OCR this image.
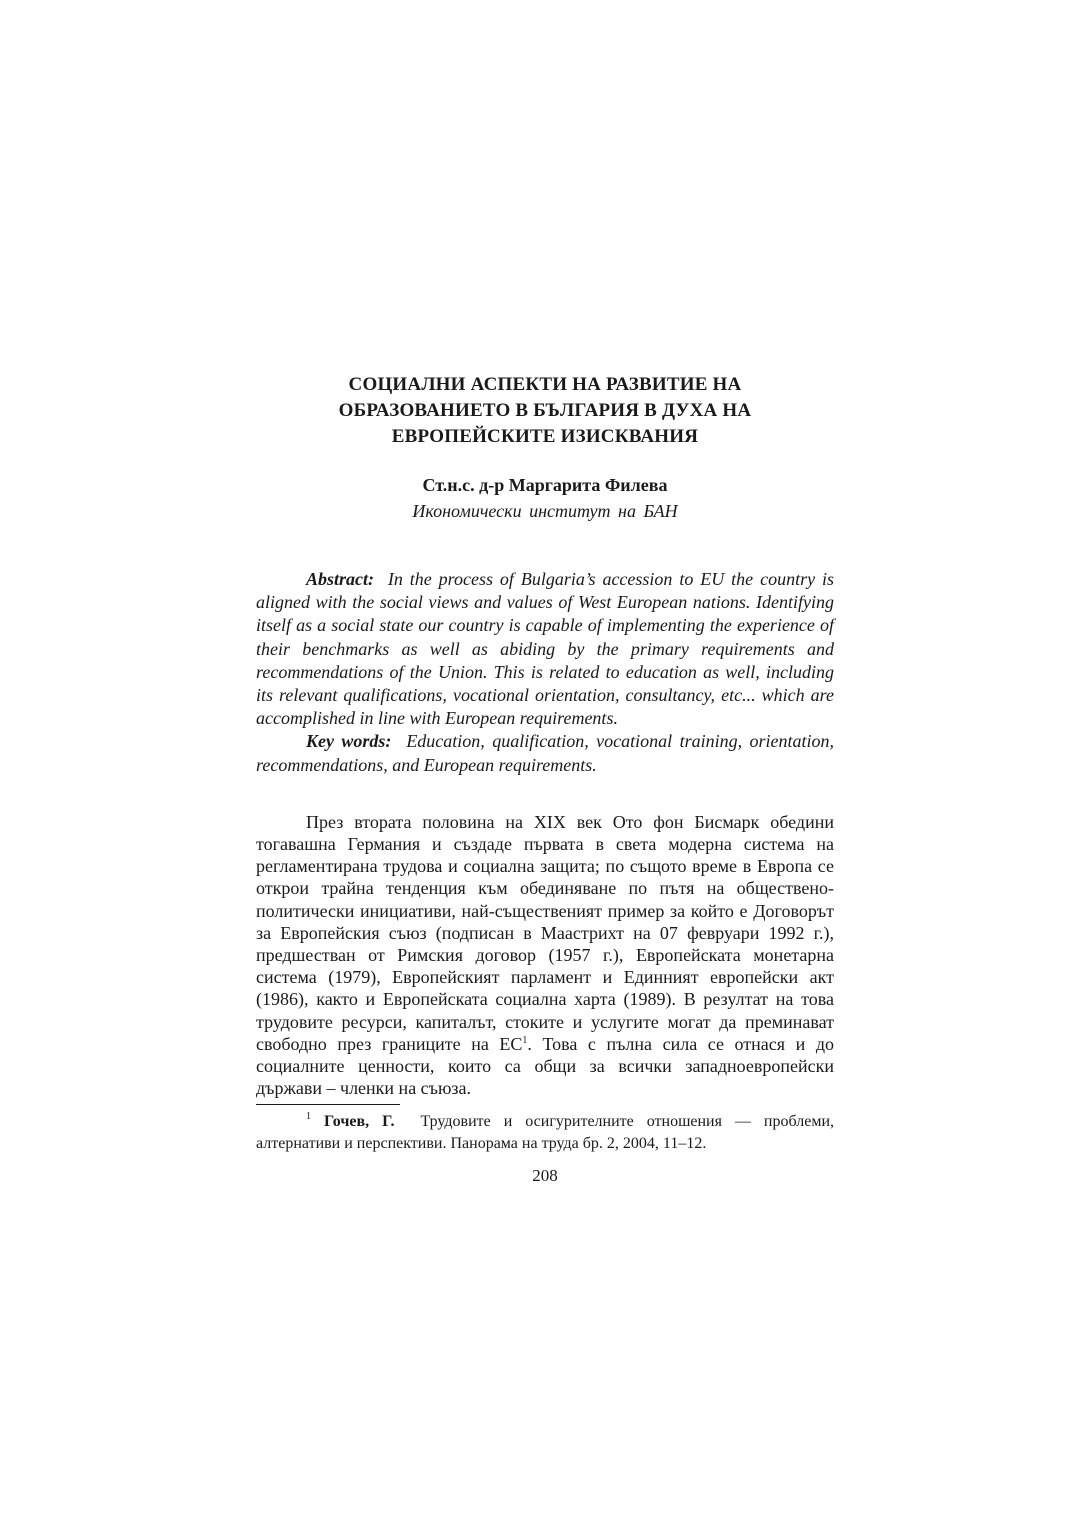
СОЦИАЛНИ АСПЕКТИ НА РАЗВИТИЕ НА
ОБРАЗОВАНИЕТО В БЪЛГАРИЯ В ДУХА НА
ЕВРОПЕЙСКИТЕ ИЗИСКВАНИЯ
Ст.н.с. д-р Маргарита Филева
Икономически институт на БАН

Abstract: In the process of Bulgaria’s accession to EU the country is aligned with the social views and values of West European nations. Identifying itself as a social state our country is capable of implementing the experience of their benchmarks as well as abiding by the primary requirements and recommendations of the Union. This is related to education as well, including its relevant qualifications, vocational orientation, consultancy, etc... which are accomplished in line with European requirements.

Key words: Education, qualification, vocational training, orientation, recommendations, and European requirements.

През втората половина на XIX век Ото фон Бисмарк обедини тогавашна Германия и създаде първата в света модерна система на регламентирана трудова и социална защита; по същото време в Европа се открои трайна тенденция към обединяване по пътя на обществено-политически инициативи, най-същественият пример за който е Договорът за Европейския съюз (подписан в Маастрихт на 07 февруари 1992 г.), предшестван от Римския договор (1957 г.), Европейската монетарна система (1979), Европейският парламент и Единният европейски акт (1986), както и Европейската социална харта (1989). В резултат на това трудовите ресурси, капиталът, стоките и услугите могат да преминават свободно през границите на $ЕС^1$. Това с пълна сила се отнася и до социалните ценности, които са общи за всички западноевропейски държави – членки на съюза.

$^1$ Гочев, Г. Трудовите и осигурителните отношения — проблеми, алтернативи и перспективи. Панорама на труда бр. 2, 2004, 11–12.

208
